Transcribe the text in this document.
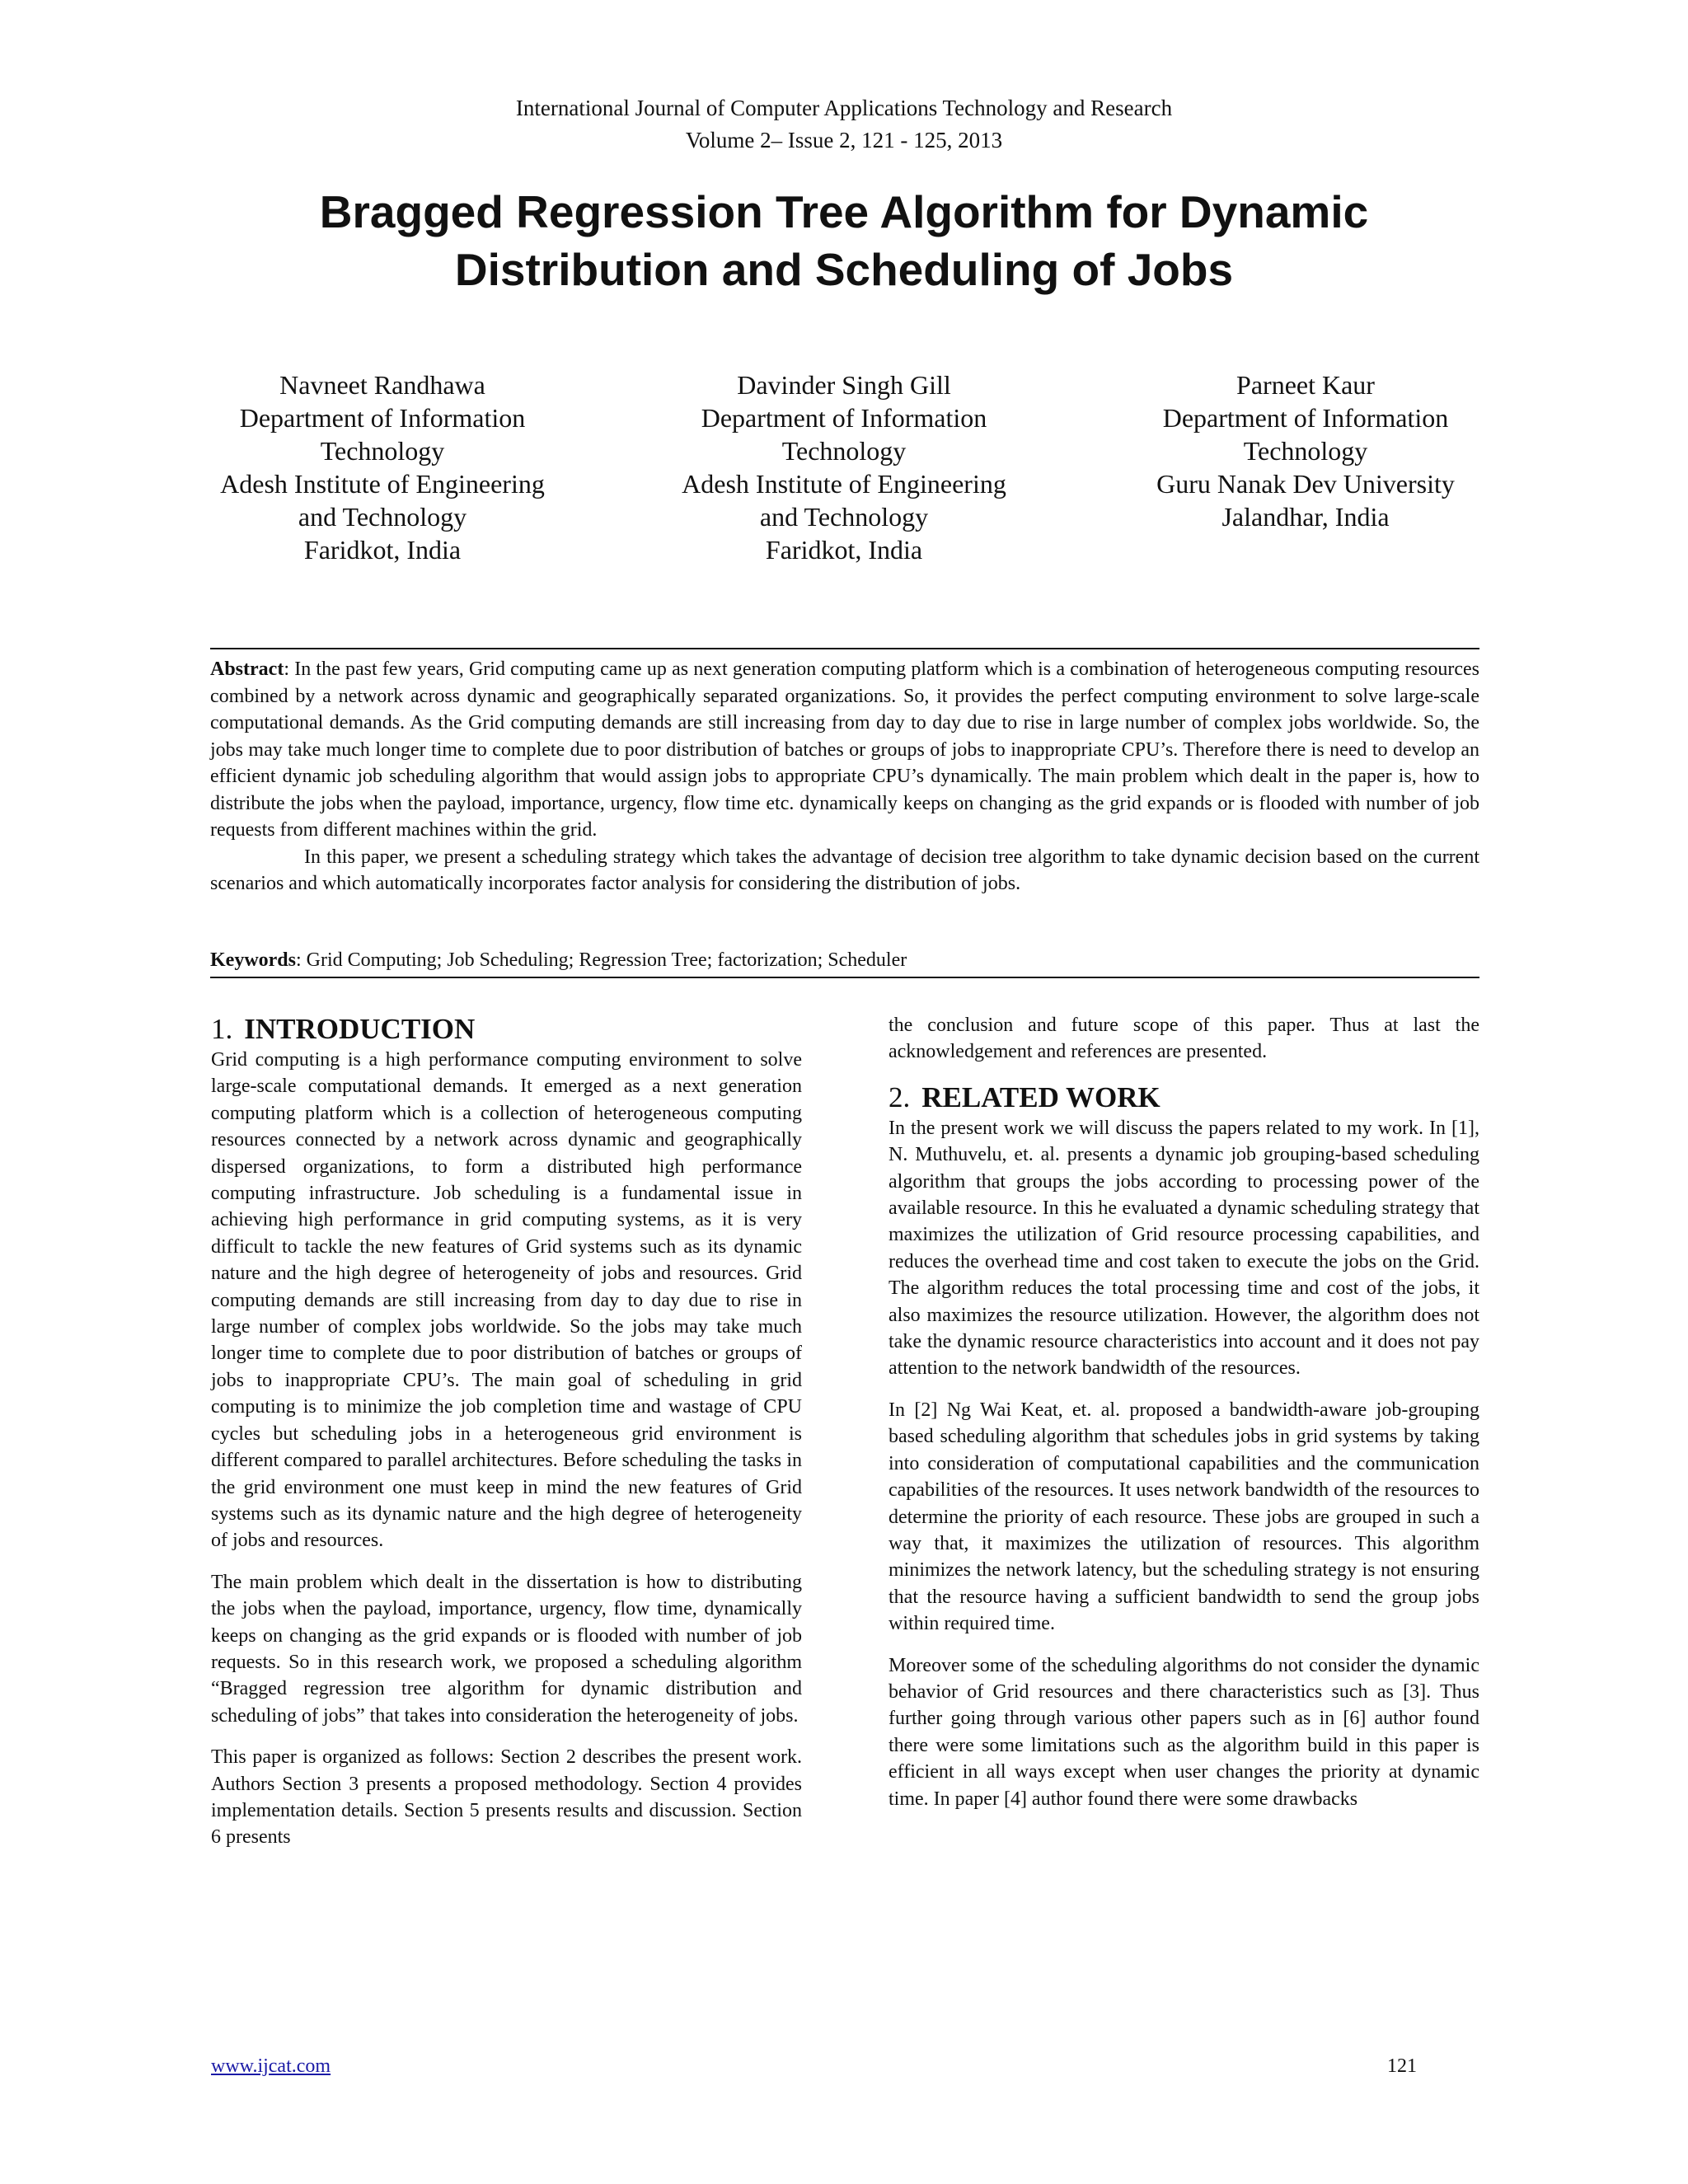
International Journal of Computer Applications Technology and Research
Volume 2– Issue 2, 121 - 125, 2013
Bragged Regression Tree Algorithm for Dynamic
Distribution and Scheduling of Jobs
Navneet Randhawa
Department of Information
Technology
Adesh Institute of Engineering
and Technology
Faridkot, India
Davinder Singh Gill
Department of Information
Technology
Adesh Institute of Engineering
and Technology
Faridkot, India
Parneet Kaur
Department of Information
Technology
Guru Nanak Dev University
Jalandhar, India

Abstract: In the past few years, Grid computing came up as next generation computing platform which is a combination of heterogeneous computing resources combined by a network across dynamic and geographically separated organizations. So, it provides the perfect computing environment to solve large-scale computational demands. As the Grid computing demands are still increasing from day to day due to rise in large number of complex jobs worldwide. So, the jobs may take much longer time to complete due to poor distribution of batches or groups of jobs to inappropriate CPU’s. Therefore there is need to develop an efficient dynamic job scheduling algorithm that would assign jobs to appropriate CPU’s dynamically. The main problem which dealt in the paper is, how to distribute the jobs when the payload, importance, urgency, flow time etc. dynamically keeps on changing as the grid expands or is flooded with number of job requests from different machines within the grid.

In this paper, we present a scheduling strategy which takes the advantage of decision tree algorithm to take dynamic decision based on the current scenarios and which automatically incorporates factor analysis for considering the distribution of jobs.

Keywords: Grid Computing; Job Scheduling; Regression Tree; factorization; Scheduler
1. INTRODUCTION

Grid computing is a high performance computing environment to solve large-scale computational demands. It emerged as a next generation computing platform which is a collection of heterogeneous computing resources connected by a network across dynamic and geographically dispersed organizations, to form a distributed high performance computing infrastructure. Job scheduling is a fundamental issue in achieving high performance in grid computing systems, as it is very difficult to tackle the new features of Grid systems such as its dynamic nature and the high degree of heterogeneity of jobs and resources. Grid computing demands are still increasing from day to day due to rise in large number of complex jobs worldwide. So the jobs may take much longer time to complete due to poor distribution of batches or groups of jobs to inappropriate CPU’s. The main goal of scheduling in grid computing is to minimize the job completion time and wastage of CPU cycles but scheduling jobs in a heterogeneous grid environment is different compared to parallel architectures. Before scheduling the tasks in the grid environment one must keep in mind the new features of Grid systems such as its dynamic nature and the high degree of heterogeneity of jobs and resources.

The main problem which dealt in the dissertation is how to distributing the jobs when the payload, importance, urgency, flow time, dynamically keeps on changing as the grid expands or is flooded with number of job requests. So in this research work, we proposed a scheduling algorithm “Bragged regression tree algorithm for dynamic distribution and scheduling of jobs” that takes into consideration the heterogeneity of jobs.

This paper is organized as follows: Section 2 describes the present work. Authors Section 3 presents a proposed methodology. Section 4 provides implementation details. Section 5 presents results and discussion. Section 6 presents

the conclusion and future scope of this paper. Thus at last the acknowledgement and references are presented.

2. RELATED WORK

In the present work we will discuss the papers related to my work. In [1], N. Muthuvelu, et. al. presents a dynamic job grouping-based scheduling algorithm that groups the jobs according to processing power of the available resource. In this he evaluated a dynamic scheduling strategy that maximizes the utilization of Grid resource processing capabilities, and reduces the overhead time and cost taken to execute the jobs on the Grid. The algorithm reduces the total processing time and cost of the jobs, it also maximizes the resource utilization. However, the algorithm does not take the dynamic resource characteristics into account and it does not pay attention to the network bandwidth of the resources.

In [2] Ng Wai Keat, et. al. proposed a bandwidth-aware job-grouping based scheduling algorithm that schedules jobs in grid systems by taking into consideration of computational capabilities and the communication capabilities of the resources. It uses network bandwidth of the resources to determine the priority of each resource. These jobs are grouped in such a way that, it maximizes the utilization of resources. This algorithm minimizes the network latency, but the scheduling strategy is not ensuring that the resource having a sufficient bandwidth to send the group jobs within required time.

Moreover some of the scheduling algorithms do not consider the dynamic behavior of Grid resources and there characteristics such as [3]. Thus further going through various other papers such as in [6] author found there were some limitations such as the algorithm build in this paper is efficient in all ways except when user changes the priority at dynamic time. In paper [4] author found there were some drawbacks

www.ijcat.com	121
